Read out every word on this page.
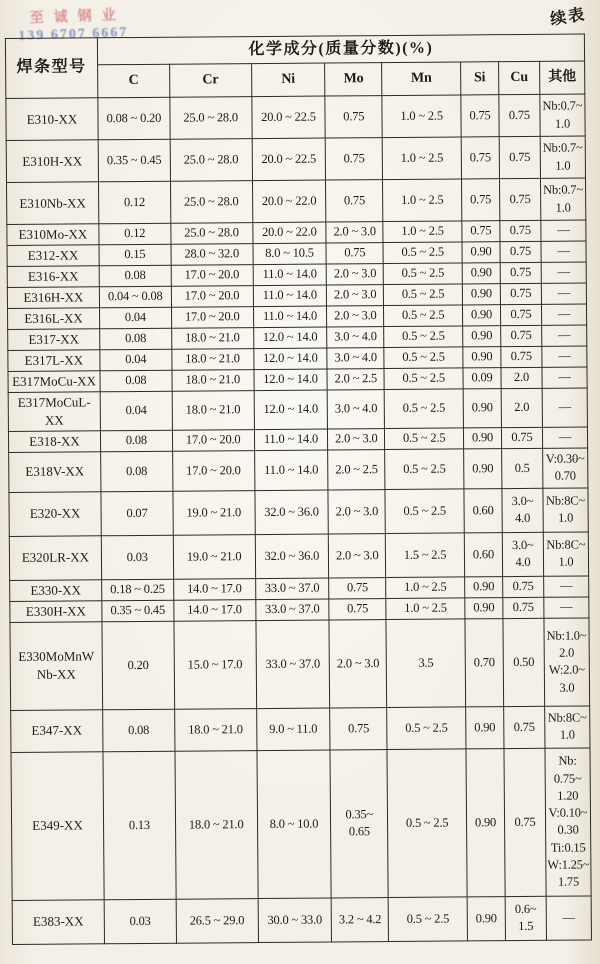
至诚钢业
139 6707 6667
续表
焊条型号	化学成分(质量分数)(%)							
	C	Cr	Ni	Mo	Mn	Si	Cu	其他
E310-XX	0.08 ~ 0.20	25.0 ~ 28.0	20.0 ~ 22.5	0.75	1.0 ~ 2.5	0.75	0.75	Nb:0.7~
1.0
E310H-XX	0.35 ~ 0.45	25.0 ~ 28.0	20.0 ~ 22.5	0.75	1.0 ~ 2.5	0.75	0.75	Nb:0.7~
1.0
E310Nb-XX	0.12	25.0 ~ 28.0	20.0 ~ 22.0	0.75	1.0 ~ 2.5	0.75	0.75	Nb:0.7~
1.0
E310Mo-XX	0.12	25.0 ~ 28.0	20.0 ~ 22.0	2.0 ~ 3.0	1.0 ~ 2.5	0.75	0.75	—
E312-XX	0.15	28.0 ~ 32.0	8.0 ~ 10.5	0.75	0.5 ~ 2.5	0.90	0.75	—
E316-XX	0.08	17.0 ~ 20.0	11.0 ~ 14.0	2.0 ~ 3.0	0.5 ~ 2.5	0.90	0.75	—
E316H-XX	0.04 ~ 0.08	17.0 ~ 20.0	11.0 ~ 14.0	2.0 ~ 3.0	0.5 ~ 2.5	0.90	0.75	—
E316L-XX	0.04	17.0 ~ 20.0	11.0 ~ 14.0	2.0 ~ 3.0	0.5 ~ 2.5	0.90	0.75	—
E317-XX	0.08	18.0 ~ 21.0	12.0 ~ 14.0	3.0 ~ 4.0	0.5 ~ 2.5	0.90	0.75	—
E317L-XX	0.04	18.0 ~ 21.0	12.0 ~ 14.0	3.0 ~ 4.0	0.5 ~ 2.5	0.90	0.75	—
E317MoCu-XX	0.08	18.0 ~ 21.0	12.0 ~ 14.0	2.0 ~ 2.5	0.5 ~ 2.5	0.09	2.0	—
E317MoCuL-
XX	0.04	18.0 ~ 21.0	12.0 ~ 14.0	3.0 ~ 4.0	0.5 ~ 2.5	0.90	2.0	—
E318-XX	0.08	17.0 ~ 20.0	11.0 ~ 14.0	2.0 ~ 3.0	0.5 ~ 2.5	0.90	0.75	—
E318V-XX	0.08	17.0 ~ 20.0	11.0 ~ 14.0	2.0 ~ 2.5	0.5 ~ 2.5	0.90	0.5	V:0.30~
0.70
E320-XX	0.07	19.0 ~ 21.0	32.0 ~ 36.0	2.0 ~ 3.0	0.5 ~ 2.5	0.60	3.0~
4.0	Nb:8C~
1.0
E320LR-XX	0.03	19.0 ~ 21.0	32.0 ~ 36.0	2.0 ~ 3.0	1.5 ~ 2.5	0.60	3.0~
4.0	Nb:8C~
1.0
E330-XX	0.18 ~ 0.25	14.0 ~ 17.0	33.0 ~ 37.0	0.75	1.0 ~ 2.5	0.90	0.75	—
E330H-XX	0.35 ~ 0.45	14.0 ~ 17.0	33.0 ~ 37.0	0.75	1.0 ~ 2.5	0.90	0.75	—
E330MoMnW
Nb-XX	0.20	15.0 ~ 17.0	33.0 ~ 37.0	2.0 ~ 3.0	3.5	0.70	0.50	Nb:1.0~
2.0
W:2.0~
3.0
E347-XX	0.08	18.0 ~ 21.0	9.0 ~ 11.0	0.75	0.5 ~ 2.5	0.90	0.75	Nb:8C~
1.0
E349-XX	0.13	18.0 ~ 21.0	8.0 ~ 10.0	0.35~
0.65	0.5 ~ 2.5	0.90	0.75	Nb:
0.75~
1.20
V:0.10~
0.30
Ti:0.15
W:1.25~
1.75
E383-XX	0.03	26.5 ~ 29.0	30.0 ~ 33.0	3.2 ~ 4.2	0.5 ~ 2.5	0.90	0.6~
1.5	—
